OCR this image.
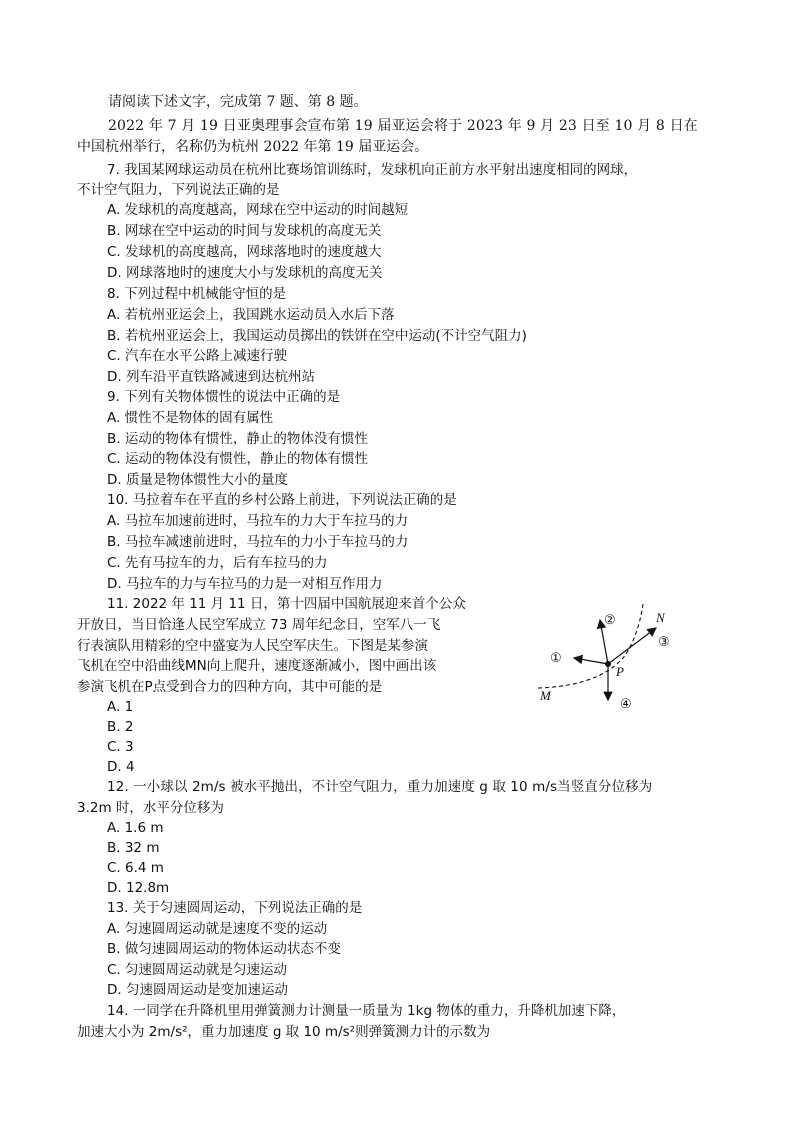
请阅读下述文字，完成第 7 题、第 8 题。
2022 年 7 月 19 日亚奥理事会宣布第 19 届亚运会将于 2023 年 9 月 23 日至 10 月 8 日在
中国杭州举行，名称仍为杭州 2022 年第 19 届亚运会。
7. 我国某网球运动员在杭州比赛场馆训练时，发球机向正前方水平射出速度相同的网球，
不计空气阻力，下列说法正确的是
A. 发球机的高度越高，网球在空中运动的时间越短
B. 网球在空中运动的时间与发球机的高度无关
C. 发球机的高度越高，网球落地时的速度越大
D. 网球落地时的速度大小与发球机的高度无关
8. 下列过程中机械能守恒的是
A. 若杭州亚运会上，我国跳水运动员入水后下落
B. 若杭州亚运会上，我国运动员掷出的铁饼在空中运动(不计空气阻力)
C. 汽车在水平公路上减速行驶
D. 列车沿平直铁路减速到达杭州站
9. 下列有关物体惯性的说法中正确的是
A. 惯性不是物体的固有属性
B. 运动的物体有惯性，静止的物体没有惯性
C. 运动的物体没有惯性，静止的物体有惯性
D. 质量是物体惯性大小的量度
10. 马拉着车在平直的乡村公路上前进，下列说法正确的是
A. 马拉车加速前进时，马拉车的力大于车拉马的力
B. 马拉车减速前进时，马拉车的力小于车拉马的力
C. 先有马拉车的力，后有车拉马的力
D. 马拉车的力与车拉马的力是一对相互作用力
11. 2022 年 11 月 11 日，第十四届中国航展迎来首个公众
开放日，当日恰逢人民空军成立 73 周年纪念日，空军八一飞
行表演队用精彩的空中盛宴为人民空军庆生。下图是某参演
飞机在空中沿曲线MN向上爬升，速度逐渐减小，图中画出该
参演飞机在P点受到合力的四种方向，其中可能的是
A. 1
B. 2
C. 3
D. 4
N
M
P
①
②
③
④
12. 一小球以 2m/s 被水平抛出，不计空气阻力，重力加速度 g 取 10 m/s当竖直分位移为
3.2m 时，水平分位移为
A. 1.6 m
B. 32 m
C. 6.4 m
D. 12.8m
13. 关于匀速圆周运动，下列说法正确的是
A. 匀速圆周运动就是速度不变的运动
B. 做匀速圆周运动的物体运动状态不变
C. 匀速圆周运动就是匀速运动
D. 匀速圆周运动是变加速运动
14. 一同学在升降机里用弹簧测力计测量一质量为 1kg 物体的重力，升降机加速下降，
加速大小为 2m/s²，重力加速度 g 取 10 m/s²则弹簧测力计的示数为
